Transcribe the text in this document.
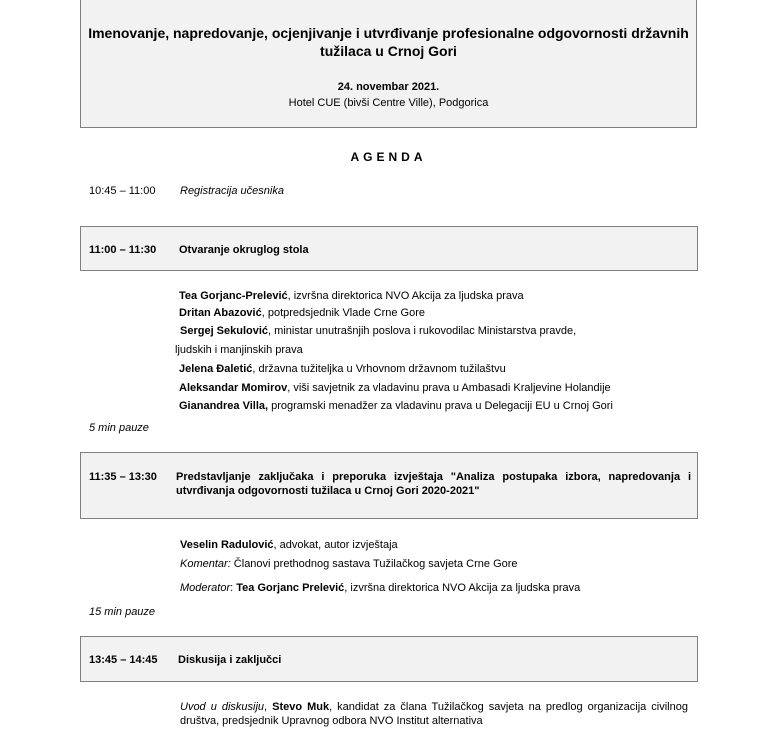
Imenovanje, napredovanje, ocjenjivanje i utvrđivanje profesionalne odgovornosti državnih tužilaca u Crnoj Gori
24. novembar 2021.
Hotel CUE (bivši Centre Ville), Podgorica
AGENDA
10:45 – 11:00 Registracija učesnika
11:00 – 11:30 Otvaranje okruglog stola
Tea Gorjanc-Prelević, izvršna direktorica NVO Akcija za ljudska prava
Dritan Abazović, potpredsjednik Vlade Crne Gore
Sergej Sekulović, ministar unutrašnjih poslova i rukovodilac Ministarstva pravde,
ljudskih i manjinskih prava
Jelena Đaletić, državna tužiteljka u Vrhovnom državnom tužilaštvu
Aleksandar Momirov, viši savjetnik za vladavinu prava u Ambasadi Kraljevine Holandije
Gianandrea Villa, programski menadžer za vladavinu prava u Delegaciji EU u Crnoj Gori
5 min pauze
11:35 – 13:30 Predstavljanje zaključaka i preporuka izvještaja "Analiza postupaka izbora, napredovanja i utvrđivanja odgovornosti tužilaca u Crnoj Gori 2020-2021"
Veselin Radulović, advokat, autor izvještaja
Komentar: Članovi prethodnog sastava Tužilačkog savjeta Crne Gore
Moderator: Tea Gorjanc Prelević, izvršna direktorica NVO Akcija za ljudska prava
15 min pauze
13:45 – 14:45 Diskusija i zaključci
Uvod u diskusiju, Stevo Muk, kandidat za člana Tužilačkog savjeta na predlog organizacija civilnog društva, predsjednik Upravnog odbora NVO Institut alternativa
